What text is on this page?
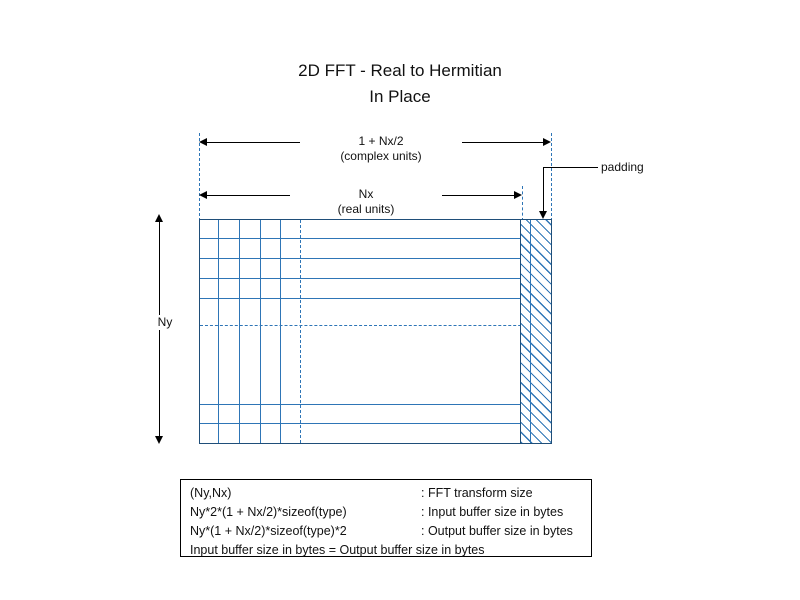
2D FFT - Real to Hermitian
In Place
1 + Nx/2
(complex units)
Nx
(real units)
padding
Ny
(Ny,Nx)	: FFT transform size
Ny*2*(1 + Nx/2)*sizeof(type)	: Input buffer size in bytes
Ny*(1 + Nx/2)*sizeof(type)*2	: Output buffer size in bytes
Input buffer size in bytes = Output buffer size in bytes
